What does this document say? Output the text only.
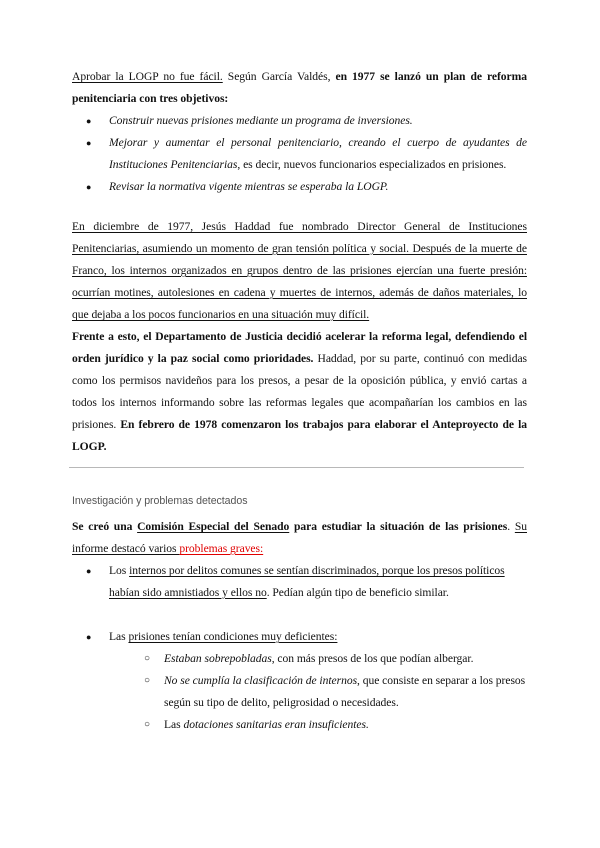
Aprobar la LOGP no fue fácil. Según García Valdés, en 1977 se lanzó un plan de reforma penitenciaria con tres objetivos:

● Construir nuevas prisiones mediante un programa de inversiones.
● Mejorar y aumentar el personal penitenciario, creando el cuerpo de ayudantes de Instituciones Penitenciarias, es decir, nuevos funcionarios especializados en prisiones.
● Revisar la normativa vigente mientras se esperaba la LOGP.

En diciembre de 1977, Jesús Haddad fue nombrado Director General de Instituciones Penitenciarias, asumiendo un momento de gran tensión política y social. Después de la muerte de Franco, los internos organizados en grupos dentro de las prisiones ejercían una fuerte presión: ocurrían motines, autolesiones en cadena y muertes de internos, además de daños materiales, lo que dejaba a los pocos funcionarios en una situación muy difícil.

Frente a esto, el Departamento de Justicia decidió acelerar la reforma legal, defendiendo el orden jurídico y la paz social como prioridades. Haddad, por su parte, continuó con medidas como los permisos navideños para los presos, a pesar de la oposición pública, y envió cartas a todos los internos informando sobre las reformas legales que acompañarían los cambios en las prisiones. En febrero de 1978 comenzaron los trabajos para elaborar el Anteproyecto de la LOGP.

Investigación y problemas detectados

Se creó una Comisión Especial del Senado para estudiar la situación de las prisiones. Su informe destacó varios problemas graves:

● Los internos por delitos comunes se sentían discriminados, porque los presos políticos habían sido amnistiados y ellos no. Pedían algún tipo de beneficio similar.
● Las prisiones tenían condiciones muy deficientes:
○ Estaban sobrepobladas, con más presos de los que podían albergar.
○ No se cumplía la clasificación de internos, que consiste en separar a los presos según su tipo de delito, peligrosidad o necesidades.
○ Las dotaciones sanitarias eran insuficientes.
